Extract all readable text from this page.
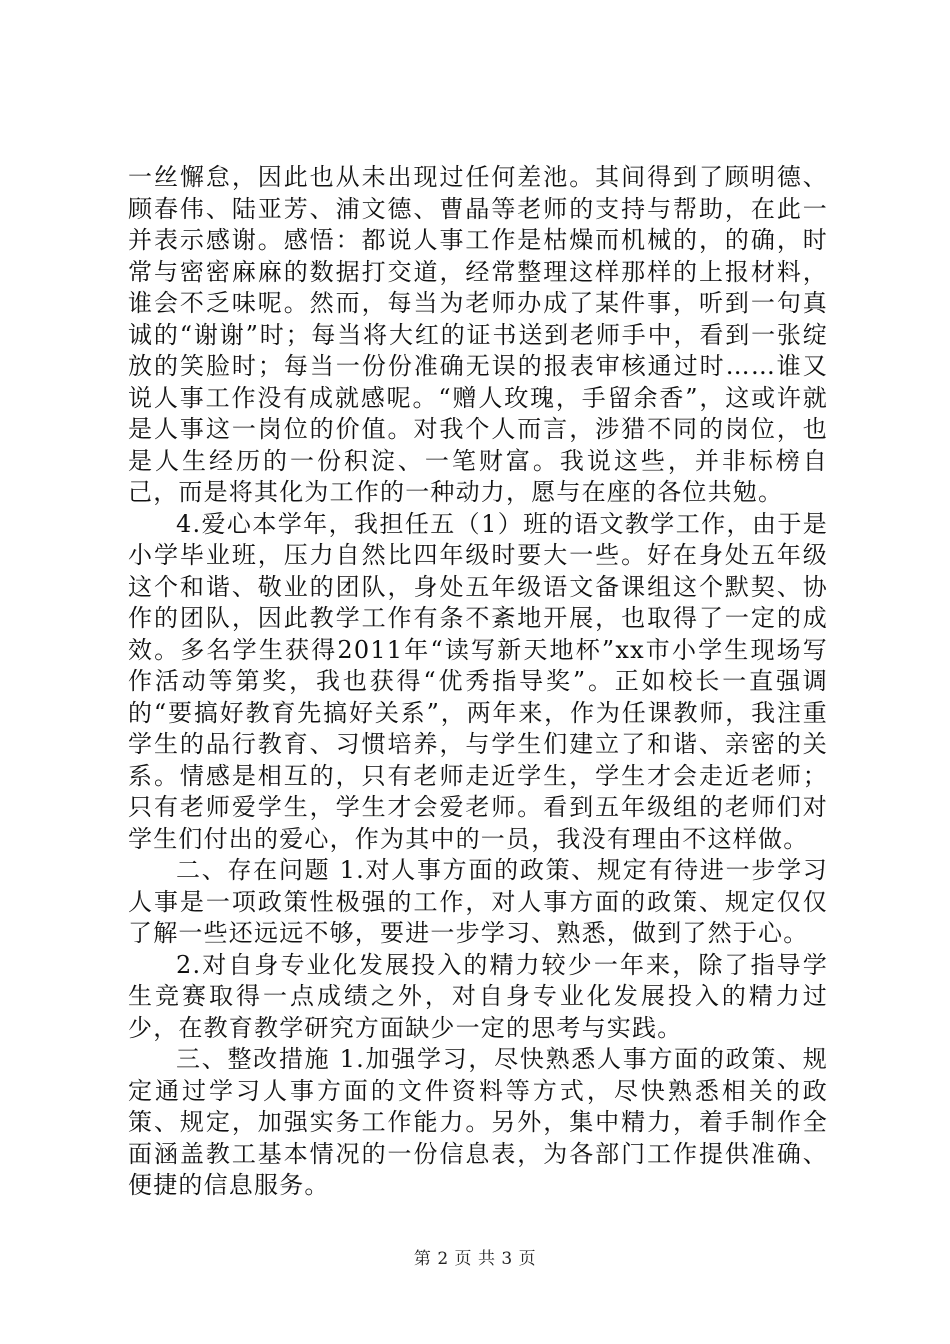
一丝懈怠，因此也从未出现过任何差池。其间得到了顾明德、顾春伟、陆亚芳、浦文德、曹晶等老师的支持与帮助，在此一并表示感谢。感悟：都说人事工作是枯燥而机械的，的确，时常与密密麻麻的数据打交道，经常整理这样那样的上报材料，谁会不乏味呢。然而，每当为老师办成了某件事，听到一句真诚的“谢谢”时；每当将大红的证书送到老师手中，看到一张绽放的笑脸时；每当一份份准确无误的报表审核通过时……谁又说人事工作没有成就感呢。“赠人玫瑰，手留余香”，这或许就是人事这一岗位的价值。对我个人而言，涉猎不同的岗位，也是人生经历的一份积淀、一笔财富。我说这些，并非标榜自己，而是将其化为工作的一种动力，愿与在座的各位共勉。

4.爱心本学年，我担任五（1）班的语文教学工作，由于是小学毕业班，压力自然比四年级时要大一些。好在身处五年级这个和谐、敬业的团队，身处五年级语文备课组这个默契、协作的团队，因此教学工作有条不紊地开展，也取得了一定的成效。多名学生获得2011年“读写新天地杯”xx市小学生现场写作活动等第奖，我也获得“优秀指导奖”。正如校长一直强调的“要搞好教育先搞好关系”，两年来，作为任课教师，我注重学生的品行教育、习惯培养，与学生们建立了和谐、亲密的关系。情感是相互的，只有老师走近学生，学生才会走近老师；只有老师爱学生，学生才会爱老师。看到五年级组的老师们对学生们付出的爱心，作为其中的一员，我没有理由不这样做。

二、存在问题 1.对人事方面的政策、规定有待进一步学习人事是一项政策性极强的工作，对人事方面的政策、规定仅仅了解一些还远远不够，要进一步学习、熟悉，做到了然于心。

2.对自身专业化发展投入的精力较少一年来，除了指导学生竞赛取得一点成绩之外，对自身专业化发展投入的精力过少，在教育教学研究方面缺少一定的思考与实践。

三、整改措施 1.加强学习，尽快熟悉人事方面的政策、规定通过学习人事方面的文件资料等方式，尽快熟悉相关的政策、规定，加强实务工作能力。另外，集中精力，着手制作全面涵盖教工基本情况的一份信息表，为各部门工作提供准确、便捷的信息服务。

第 2 页 共 3 页
